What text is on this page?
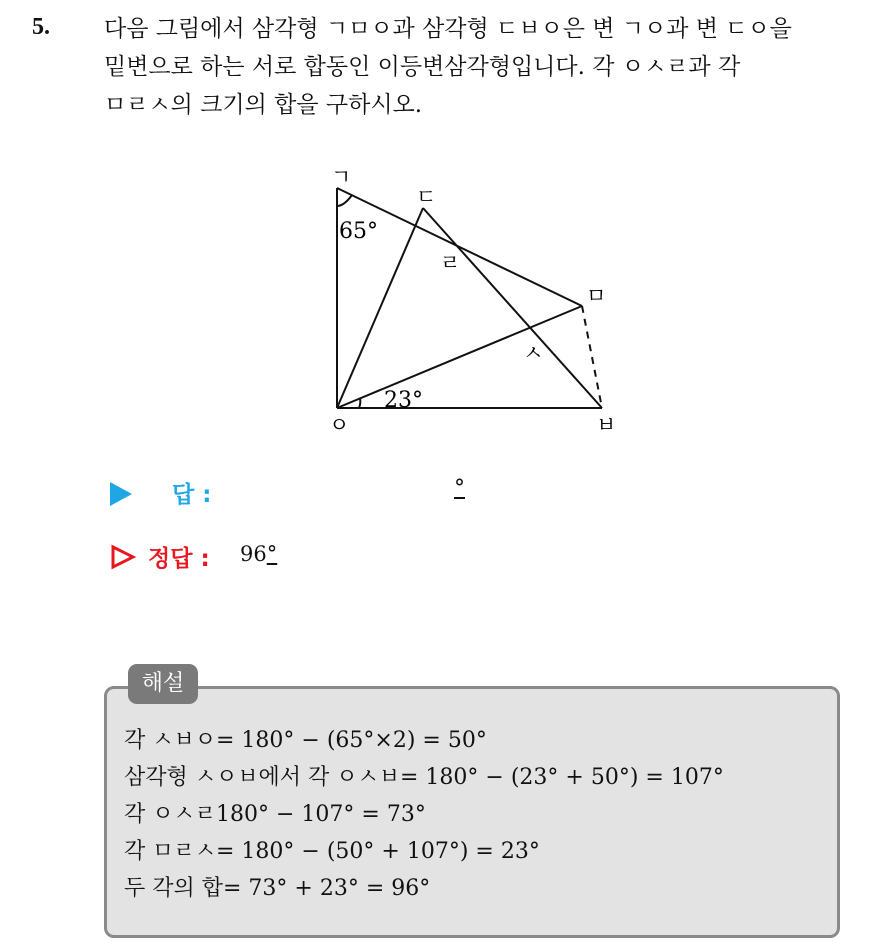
5. 다음 그림에서 삼각형 ㄱㅁㅇ과 삼각형 ㄷㅂㅇ은 변 ㄱㅇ과 변 ㄷㅇ을
밑변으로 하는 서로 합동인 이등변삼각형입니다. 각 ㅇㅅㄹ과 각
ㅁㄹㅅ의 크기의 합을 구하시오.
ㄱ
ㄷ
ㄹ
ㅁ
ㅅ
ㅇ	ㅂ
65°
23°
답 :	°
정답 : 96°
해설
각 ㅅㅂㅇ= 180° − (65°×2) = 50°
삼각형 ㅅㅇㅂ에서 각 ㅇㅅㅂ= 180° − (23° + 50°) = 107°
각 ㅇㅅㄹ180° − 107° = 73°
각 ㅁㄹㅅ= 180° − (50° + 107°) = 23°
두 각의 합= 73° + 23° = 96°
